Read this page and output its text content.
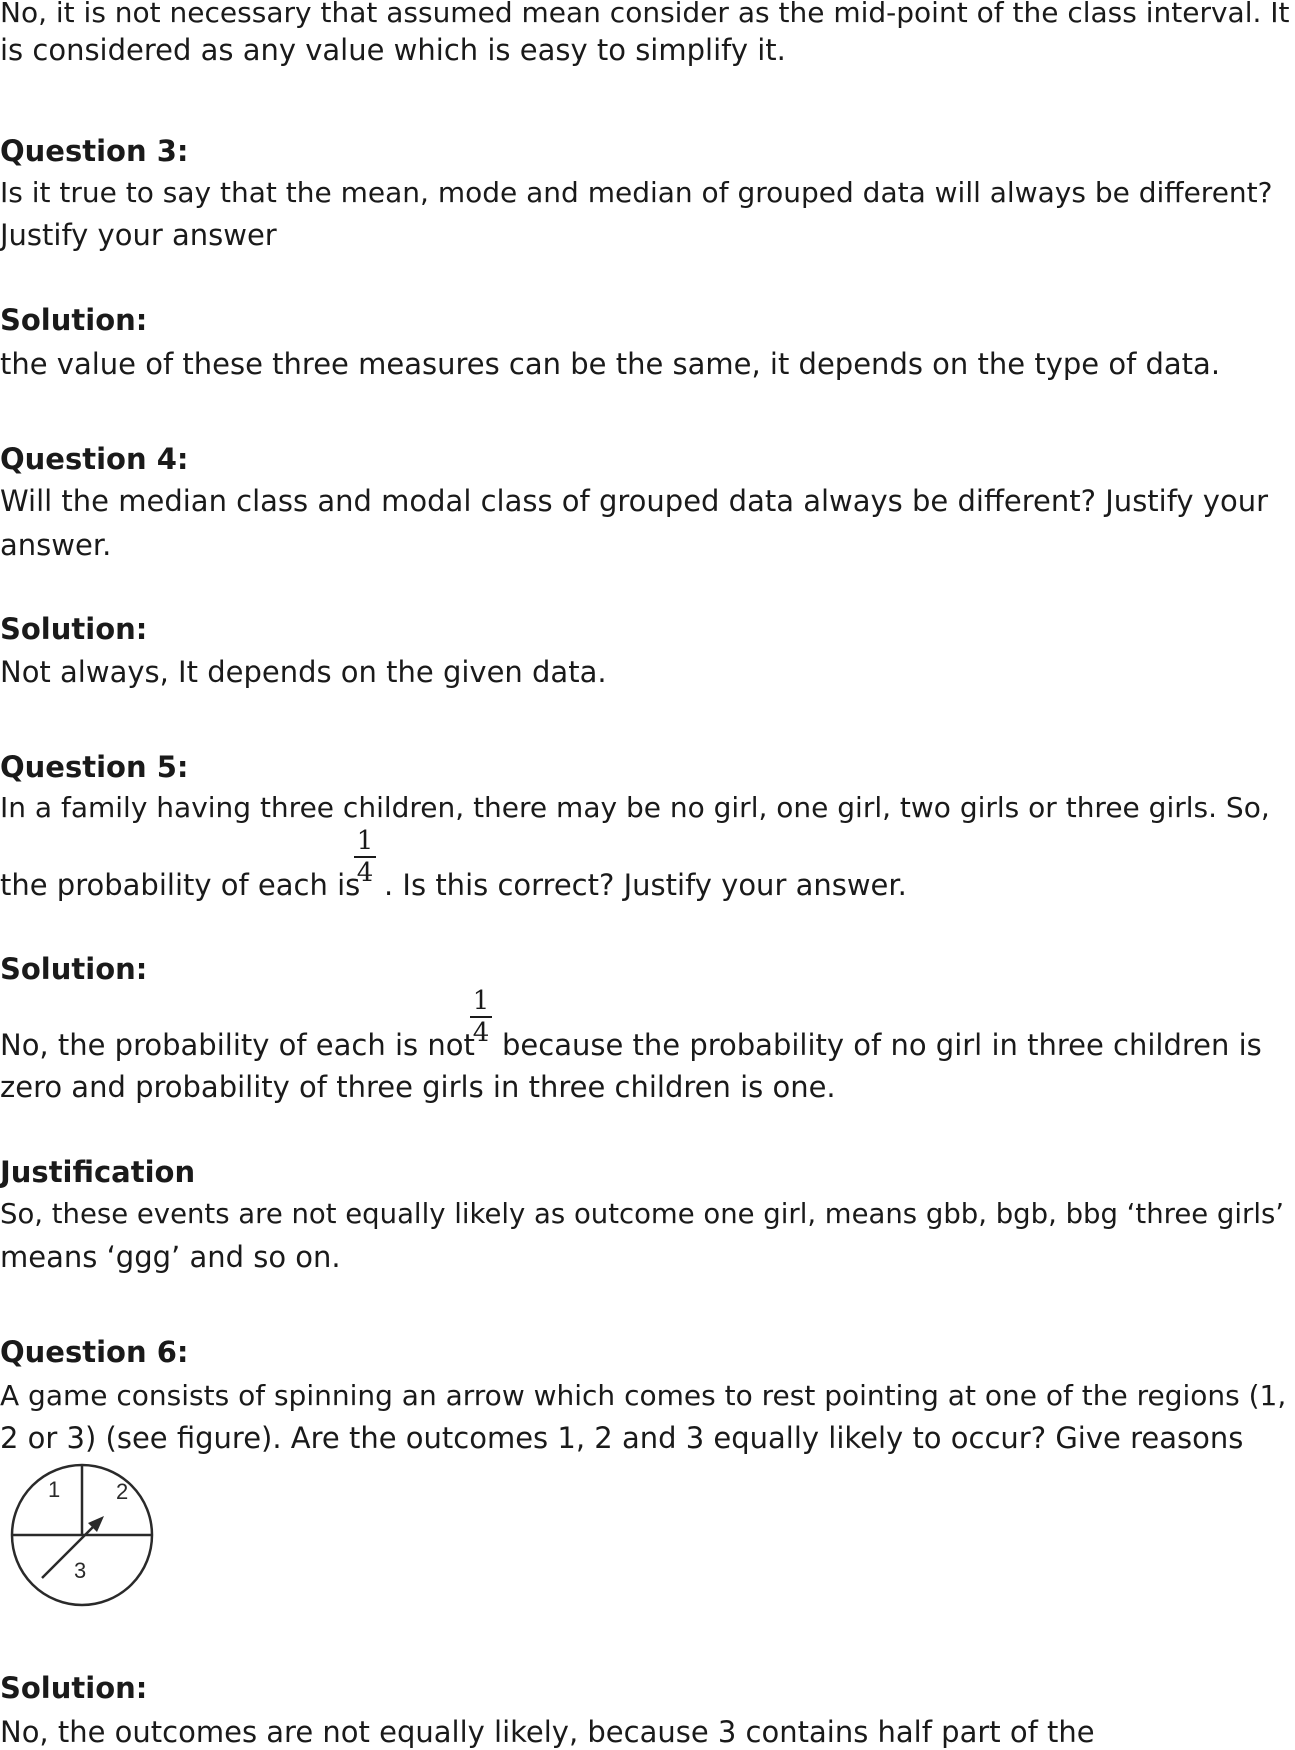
No, it is not necessary that assumed mean consider as the mid-point of the class interval. It
is considered as any value which is easy to simplify it.
Question 3:
Is it true to say that the mean, mode and median of grouped data will always be different?
Justify your answer
Solution:
the value of these three measures can be the same, it depends on the type of data.
Question 4:
Will the median class and modal class of grouped data always be different? Justify your
answer.
Solution:
Not always, It depends on the given data.
Question 5:
In a family having three children, there may be no girl, one girl, two girls or three girls. So,
the probability of each is
1
4 . Is this correct? Justify your answer.
Solution:
No, the probability of each is not
1
4 because the probability of no girl in three children is
zero and probability of three girls in three children is one.
Justification
So, these events are not equally likely as outcome one girl, means gbb, bgb, bbg ‘three girls’
means ‘ggg’ and so on.
Question 6:
A game consists of spinning an arrow which comes to rest pointing at one of the regions (1,
2 or 3) (see figure). Are the outcomes 1, 2 and 3 equally likely to occur? Give reasons
1	2
3
Solution:
No, the outcomes are not equally likely, because 3 contains half part of the
